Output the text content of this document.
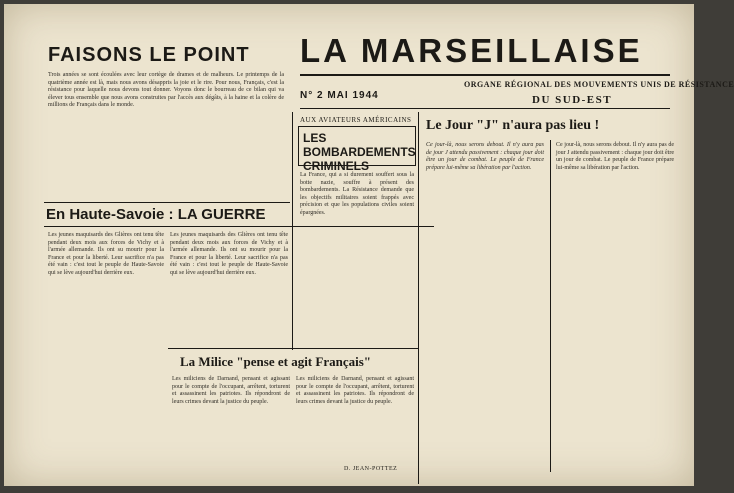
FAISONS LE POINT LA MARSEILLAISE
ORGANE RÉGIONAL DES MOUVEMENTS UNIS DE RÉSISTANCE
DU SUD-EST
N° 2 MAI 1944
Trois années se sont écoulées avec leur cortège de drames et de malheurs. Le printemps de la quatrième année est là, mais nous avons désappris la joie et le rire. Pour nous, Français, c'est la résistance pour laquelle nous devons tout donner. Voyons donc le bourreau de ce bilan qui va élever tous ensemble que nous avons construites par l'accès aux dégâts, à la haine et la colère de millions de Français dans le monde.
En Haute-Savoie : LA GUERRE
Les jeunes maquisards des Glières ont tenu tête pendant deux mois aux forces de Vichy et à l'armée allemande. Ils ont su mourir pour la France et pour la liberté. Leur sacrifice n'a pas été vain : c'est tout le peuple de Haute-Savoie qui se lève aujourd'hui derrière eux.
Les jeunes maquisards des Glières ont tenu tête pendant deux mois aux forces de Vichy et à l'armée allemande. Ils ont su mourir pour la France et pour la liberté. Leur sacrifice n'a pas été vain : c'est tout le peuple de Haute-Savoie qui se lève aujourd'hui derrière eux.
AUX AVIATEURS AMÉRICAINS
LES BOMBARDEMENTS CRIMINELS
La France, qui a si durement souffert sous la botte nazie, souffre à présent des bombardements. La Résistance demande que les objectifs militaires soient frappés avec précision et que les populations civiles soient épargnées.
Le Jour "J" n'aura pas lieu !
Ce jour-là, nous serons debout. Il n'y aura pas de jour J attendu passivement : chaque jour doit être un jour de combat. Le peuple de France prépare lui-même sa libération par l'action.
Ce jour-là, nous serons debout. Il n'y aura pas de jour J attendu passivement : chaque jour doit être un jour de combat. Le peuple de France prépare lui-même sa libération par l'action.
La Milice "pense et agit Français"
Les miliciens de Darnand, pensant et agissant pour le compte de l'occupant, arrêtent, torturent et assassinent les patriotes. Ils répondront de leurs crimes devant la justice du peuple.
Les miliciens de Darnand, pensant et agissant pour le compte de l'occupant, arrêtent, torturent et assassinent les patriotes. Ils répondront de leurs crimes devant la justice du peuple.
D. JEAN-POTTEZ
